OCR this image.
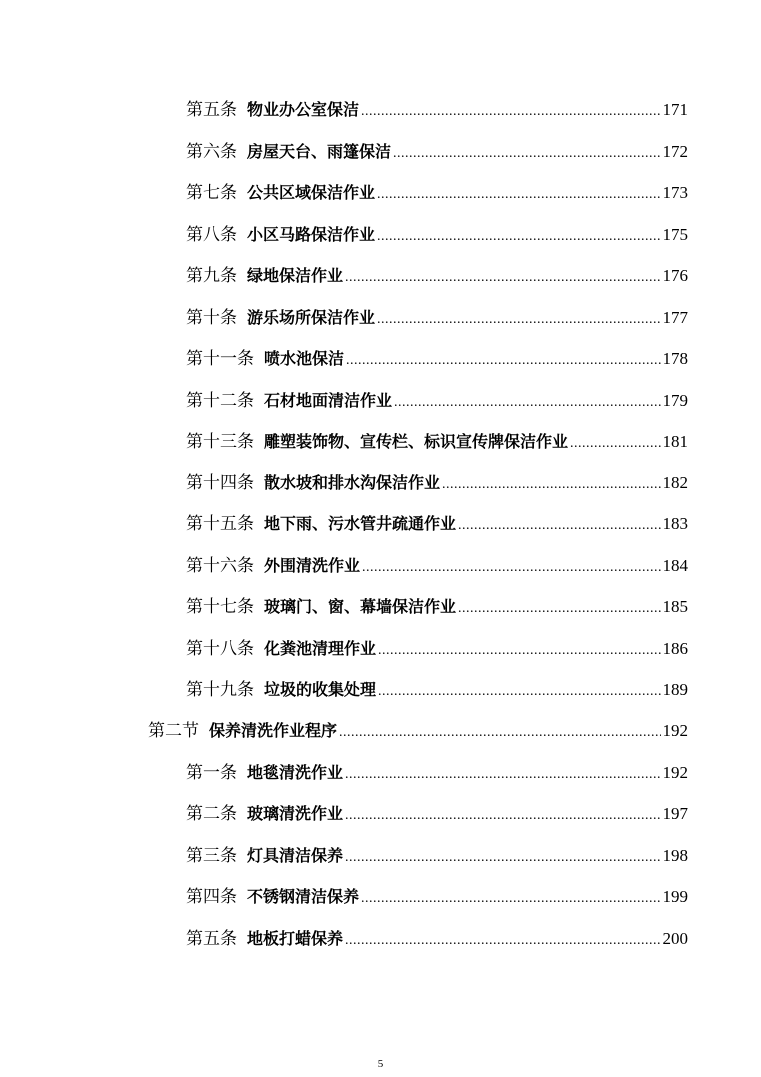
第五条 物业办公室保洁 .....	171
第六条 房屋天台、雨篷保洁 .....	172
第七条 公共区域保洁作业 .....	173
第八条 小区马路保洁作业 .....	175
第九条 绿地保洁作业 .....	176
第十条 游乐场所保洁作业 .....	177
第十一条 喷水池保洁 .....	178
第十二条 石材地面清洁作业 .....	179
第十三条 雕塑装饰物、宣传栏、标识宣传牌保洁作业 .....	181
第十四条 散水坡和排水沟保洁作业 .....	182
第十五条 地下雨、污水管井疏通作业 .....	183
第十六条 外围清洗作业 .....	184
第十七条 玻璃门、窗、幕墙保洁作业 .....	185
第十八条 化粪池清理作业 .....	186
第十九条 垃圾的收集处理 .....	189
第二节 保养清洗作业程序 .....	192
第一条 地毯清洗作业 .....	192
第二条 玻璃清洗作业 .....	197
第三条 灯具清洁保养 .....	198
第四条 不锈钢清洁保养 .....	199
第五条 地板打蜡保养 .....	200
5
